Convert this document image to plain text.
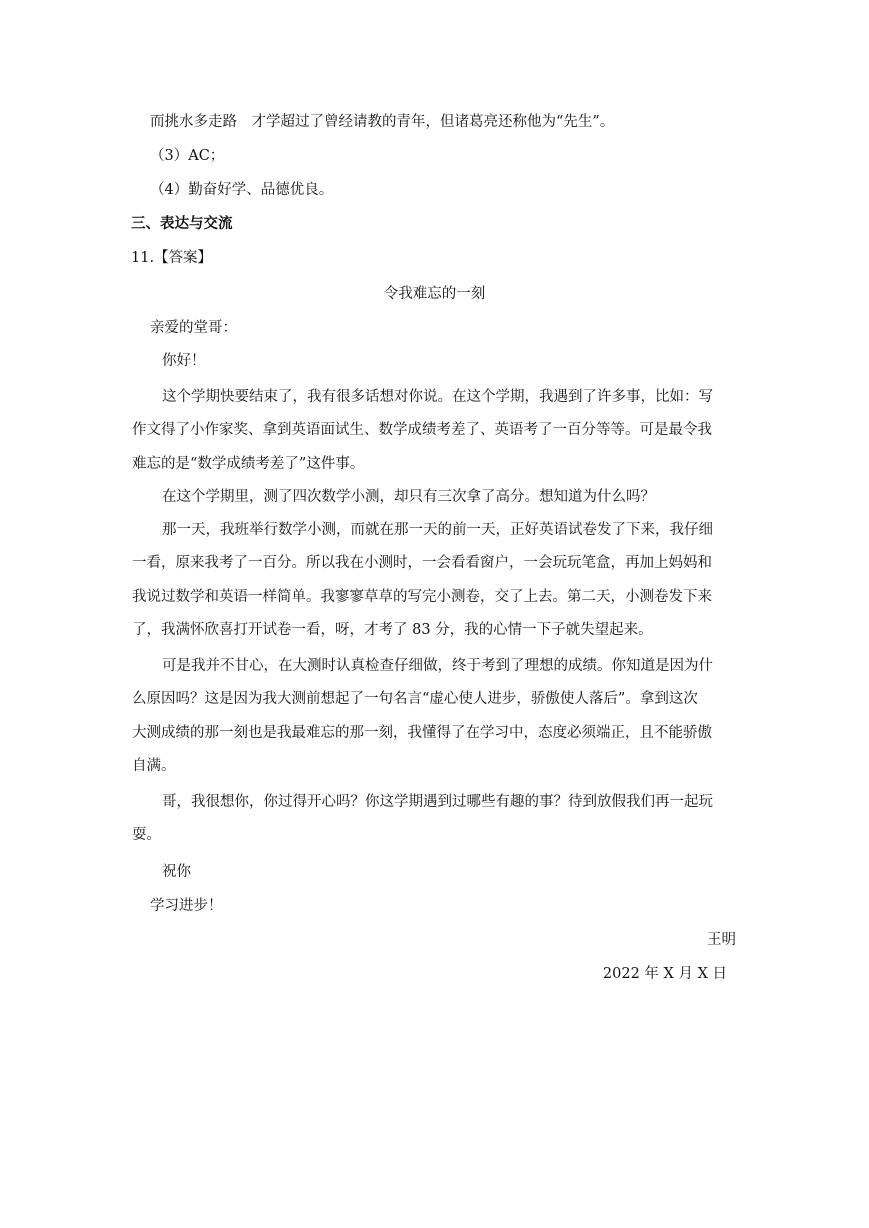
而挑水多走路　才学超过了曾经请教的青年，但诸葛亮还称他为“先生”。
（3）AC；
（4）勤奋好学、品德优良。
三、表达与交流
11.【答案】
令我难忘的一刻
亲爱的堂哥：
你好！
这个学期快要结束了，我有很多话想对你说。在这个学期，我遇到了许多事，比如：写
作文得了小作家奖、拿到英语面试生、数学成绩考差了、英语考了一百分等等。可是最令我
难忘的是“数学成绩考差了”这件事。
在这个学期里，测了四次数学小测，却只有三次拿了高分。想知道为什么吗？
那一天，我班举行数学小测，而就在那一天的前一天，正好英语试卷发了下来，我仔细
一看，原来我考了一百分。所以我在小测时，一会看看窗户，一会玩玩笔盒，再加上妈妈和
我说过数学和英语一样简单。我寥寥草草的写完小测卷，交了上去。第二天，小测卷发下来
了，我满怀欣喜打开试卷一看，呀，才考了 83 分，我的心情一下子就失望起来。
可是我并不甘心，在大测时认真检查仔细做，终于考到了理想的成绩。你知道是因为什
么原因吗？这是因为我大测前想起了一句名言“虚心使人进步，骄傲使人落后”。拿到这次
大测成绩的那一刻也是我最难忘的那一刻，我懂得了在学习中，态度必须端正，且不能骄傲
自满。
哥，我很想你，你过得开心吗？你这学期遇到过哪些有趣的事？待到放假我们再一起玩
耍。
祝你
学习进步！
王明
2022 年 X 月 X 日
